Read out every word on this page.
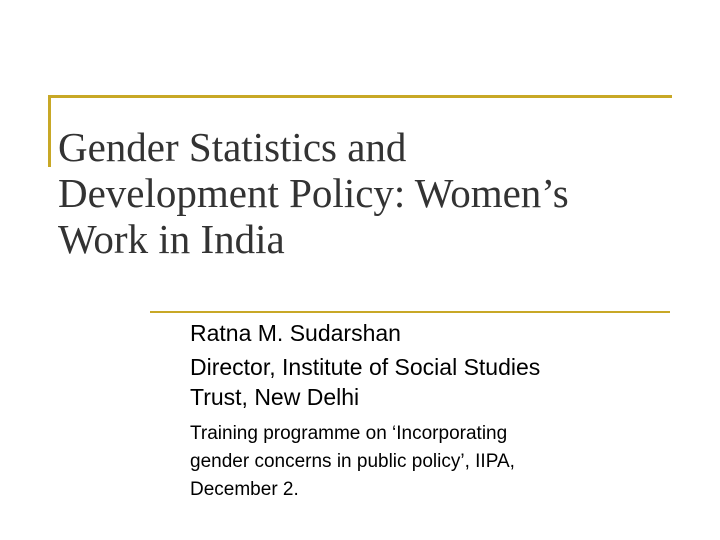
Gender Statistics and
Development Policy: Women’s
Work in India

Ratna M. Sudarshan

Director, Institute of Social Studies
Trust, New Delhi

Training programme on ‘Incorporating
gender concerns in public policy’, IIPA,
December 2.
